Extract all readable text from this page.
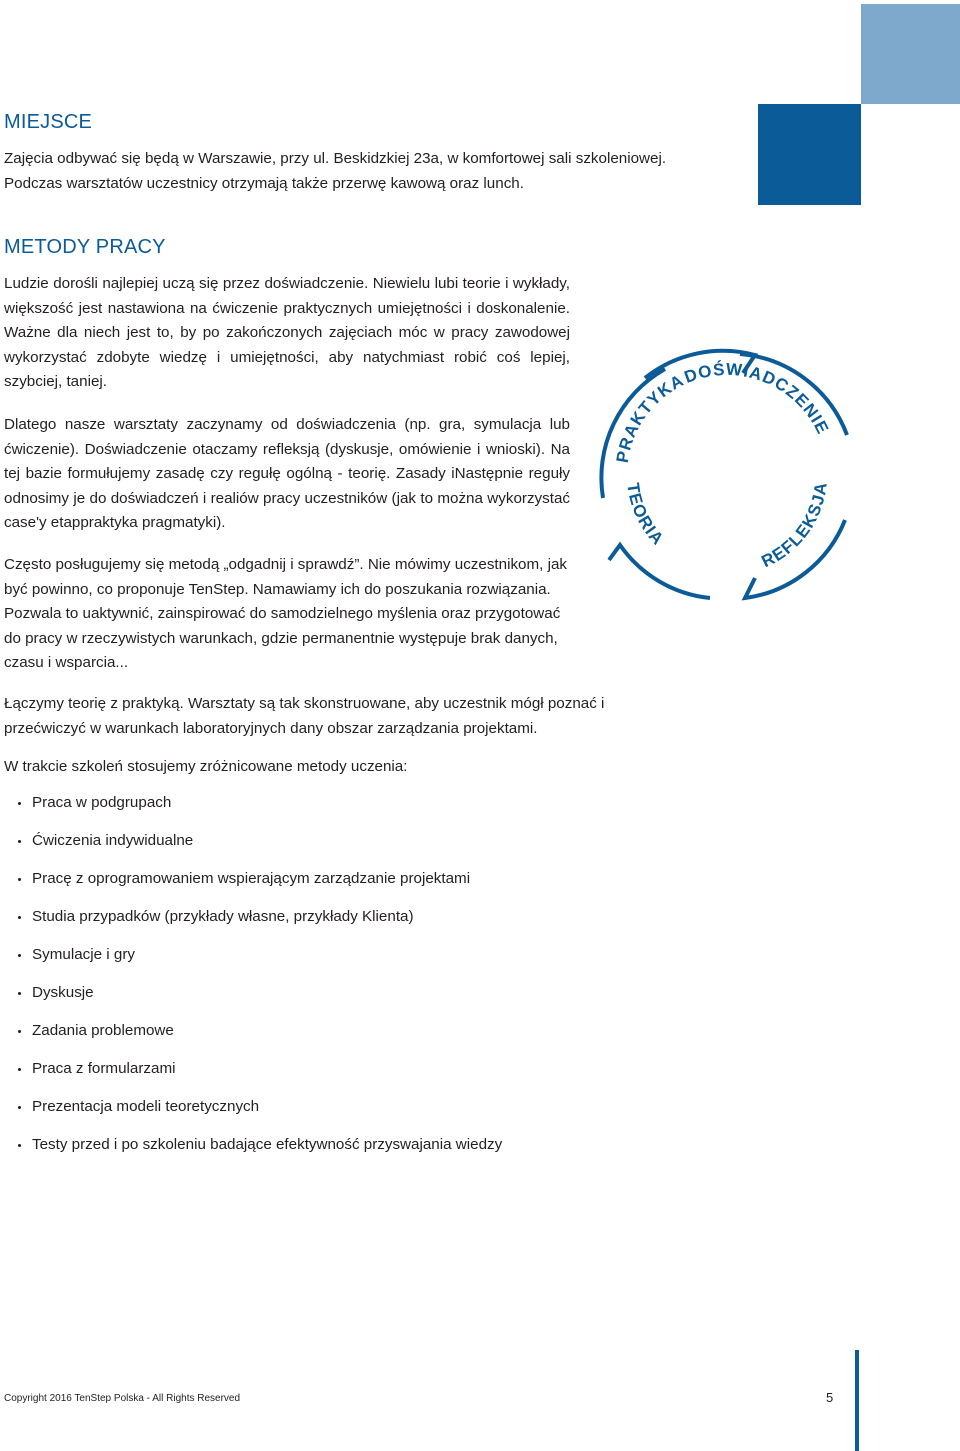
MIEJSCE

Zajęcia odbywać się będą w Warszawie, przy ul. Beskidzkiej 23a, w komfortowej sali szkoleniowej. Podczas warsztatów uczestnicy otrzymają także przerwę kawową oraz lunch.

METODY PRACY

Ludzie dorośli najlepiej uczą się przez doświadczenie. Niewielu lubi teorie i wykłady, większość jest nastawiona na ćwiczenie praktycznych umiejętności i doskonalenie. Ważne dla niech jest to, by po zakończonych zajęciach móc w pracy zawodowej wykorzystać zdobyte wiedzę i umiejętności, aby natychmiast robić coś lepiej, szybciej, taniej.

Dlatego nasze warsztaty zaczynamy od doświadczenia (np. gra, symulacja lub ćwiczenie). Doświadczenie otaczamy refleksją (dyskusje, omówienie i wnioski). Na tej bazie formułujemy zasadę czy regułę ogólną - teorię. Zasady iNastępnie reguły odnosimy je do doświadczeń i realiów pracy uczestników (jak to można wykorzystać case'y etappraktyka pragmatyki).

Często posługujemy się metodą „odgadnij i sprawdź”. Nie mówimy uczestnikom, jak być powinno, co proponuje TenStep. Namawiamy ich do poszukania rozwiązania. Pozwala to uaktywnić, zainspirować do samodzielnego myślenia oraz przygotować do pracy w rzeczywistych warunkach, gdzie permanentnie występuje brak danych, czasu i wsparcia...

Łączymy teorię z praktyką. Warsztaty są tak skonstruowane, aby uczestnik mógł poznać i przećwiczyć w warunkach laboratoryjnych dany obszar zarządzania projektami.

W trakcie szkoleń stosujemy zróżnicowane metody uczenia:

Praca w podgrupach
Ćwiczenia indywidualne
Pracę z oprogramowaniem wspierającym zarządzanie projektami
Studia przypadków (przykłady własne, przykłady Klienta)
Symulacje i gry
Dyskusje
Zadania problemowe
Praca z formularzami
Prezentacja modeli teoretycznych
Testy przed i po szkoleniu badające efektywność przyswajania wiedzy
DOŚWIADCZENIE
PRAKTYKA
REFLEKSJA
TEORIA
Copyright 2016 TenStep Polska - All Rights Reserved	5
